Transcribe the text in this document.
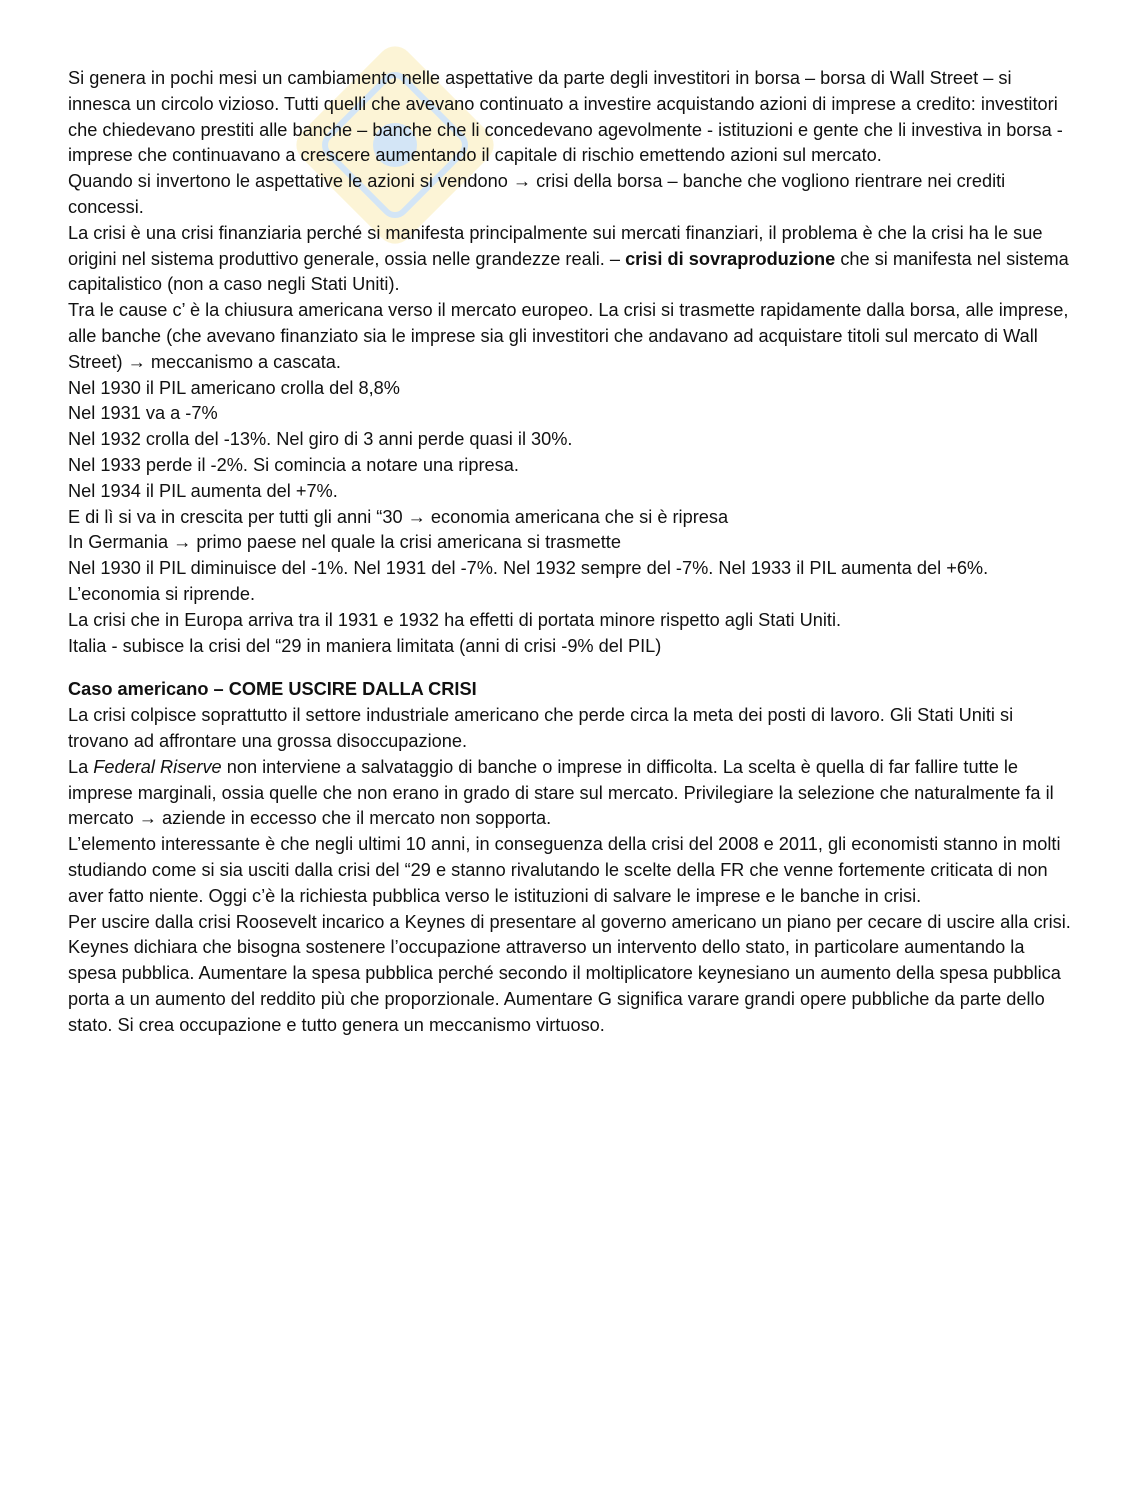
Si genera in pochi mesi un cambiamento nelle aspettative da parte degli investitori in borsa – borsa di Wall Street – si innesca un circolo vizioso. Tutti quelli che avevano continuato a investire acquistando azioni di imprese a credito: investitori che chiedevano prestiti alle banche – banche che li concedevano agevolmente - istituzioni e gente che li investiva in borsa -imprese che continuavano a crescere aumentando il capitale di rischio emettendo azioni sul mercato.

Quando si invertono le aspettative le azioni si vendono → crisi della borsa – banche che vogliono rientrare nei crediti concessi.

La crisi è una crisi finanziaria perché si manifesta principalmente sui mercati finanziari, il problema è che la crisi ha le sue origini nel sistema produttivo generale, ossia nelle grandezze reali. – crisi di sovraproduzione che si manifesta nel sistema capitalistico (non a caso negli Stati Uniti).

Tra le cause c’ è la chiusura americana verso il mercato europeo. La crisi si trasmette rapidamente dalla borsa, alle imprese, alle banche (che avevano finanziato sia le imprese sia gli investitori che andavano ad acquistare titoli sul mercato di Wall Street) → meccanismo a cascata.

Nel 1930 il PIL americano crolla del 8,8%

Nel 1931 va a -7%

Nel 1932 crolla del -13%. Nel giro di 3 anni perde quasi il 30%.

Nel 1933 perde il -2%. Si comincia a notare una ripresa.

Nel 1934 il PIL aumenta del +7%.

E di lì si va in crescita per tutti gli anni “30 → economia americana che si è ripresa

In Germania → primo paese nel quale la crisi americana si trasmette

Nel 1930 il PIL diminuisce del -1%. Nel 1931 del -7%. Nel 1932 sempre del -7%. Nel 1933 il PIL aumenta del +6%. L’economia si riprende.

La crisi che in Europa arriva tra il 1931 e 1932 ha effetti di portata minore rispetto agli Stati Uniti.

Italia - subisce la crisi del “29 in maniera limitata (anni di crisi -9% del PIL)

Caso americano – COME USCIRE DALLA CRISI

La crisi colpisce soprattutto il settore industriale americano che perde circa la meta dei posti di lavoro. Gli Stati Uniti si trovano ad affrontare una grossa disoccupazione.

La Federal Riserve non interviene a salvataggio di banche o imprese in difficolta. La scelta è quella di far fallire tutte le imprese marginali, ossia quelle che non erano in grado di stare sul mercato. Privilegiare la selezione che naturalmente fa il mercato → aziende in eccesso che il mercato non sopporta.

L’elemento interessante è che negli ultimi 10 anni, in conseguenza della crisi del 2008 e 2011, gli economisti stanno in molti studiando come si sia usciti dalla crisi del “29 e stanno rivalutando le scelte della FR che venne fortemente criticata di non aver fatto niente. Oggi c’è la richiesta pubblica verso le istituzioni di salvare le imprese e le banche in crisi.

Per uscire dalla crisi Roosevelt incarico a Keynes di presentare al governo americano un piano per cecare di uscire alla crisi. Keynes dichiara che bisogna sostenere l’occupazione attraverso un intervento dello stato, in particolare aumentando la spesa pubblica. Aumentare la spesa pubblica perché secondo il moltiplicatore keynesiano un aumento della spesa pubblica porta a un aumento del reddito più che proporzionale. Aumentare G significa varare grandi opere pubbliche da parte dello stato. Si crea occupazione e tutto genera un meccanismo virtuoso.
